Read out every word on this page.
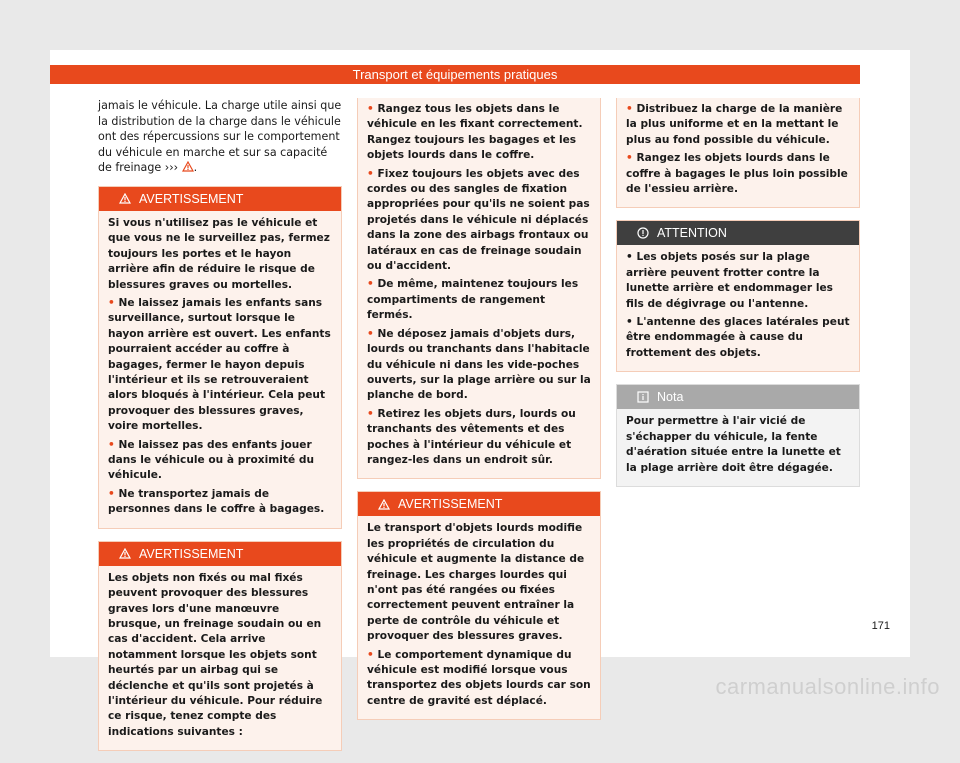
Transport et équipements pratiques

jamais le véhicule. La charge utile ainsi que la distribution de la charge dans le véhicule ont des répercussions sur le comportement du véhicule en marche et sur sa capacité de freinage ››› .

AVERTISSEMENT

Si vous n'utilisez pas le véhicule et que vous ne le surveillez pas, fermez toujours les portes et le hayon arrière afin de réduire le risque de blessures graves ou mortelles.

• Ne laissez jamais les enfants sans surveillance, surtout lorsque le hayon arrière est ouvert. Les enfants pourraient accéder au coffre à bagages, fermer le hayon depuis l'intérieur et ils se retrouveraient alors bloqués à l'intérieur. Cela peut provoquer des blessures graves, voire mortelles.

• Ne laissez pas des enfants jouer dans le véhicule ou à proximité du véhicule.

• Ne transportez jamais de personnes dans le coffre à bagages.

AVERTISSEMENT

Les objets non fixés ou mal fixés peuvent provoquer des blessures graves lors d'une manœuvre brusque, un freinage soudain ou en cas d'accident. Cela arrive notamment lorsque les objets sont heurtés par un airbag qui se déclenche et qu'ils sont projetés à l'intérieur du véhicule. Pour réduire ce risque, tenez compte des indications suivantes :

• Rangez tous les objets dans le véhicule en les fixant correctement. Rangez toujours les bagages et les objets lourds dans le coffre.

• Fixez toujours les objets avec des cordes ou des sangles de fixation appropriées pour qu'ils ne soient pas projetés dans le véhicule ni déplacés dans la zone des airbags frontaux ou latéraux en cas de freinage soudain ou d'accident.

• De même, maintenez toujours les compartiments de rangement fermés.

• Ne déposez jamais d'objets durs, lourds ou tranchants dans l'habitacle du véhicule ni dans les vide-poches ouverts, sur la plage arrière ou sur la planche de bord.

• Retirez les objets durs, lourds ou tranchants des vêtements et des poches à l'intérieur du véhicule et rangez-les dans un endroit sûr.

AVERTISSEMENT

Le transport d'objets lourds modifie les propriétés de circulation du véhicule et augmente la distance de freinage. Les charges lourdes qui n'ont pas été rangées ou fixées correctement peuvent entraîner la perte de contrôle du véhicule et provoquer des blessures graves.

• Le comportement dynamique du véhicule est modifié lorsque vous transportez des objets lourds car son centre de gravité est déplacé.

• Distribuez la charge de la manière la plus uniforme et en la mettant le plus au fond possible du véhicule.

• Rangez les objets lourds dans le coffre à bagages le plus loin possible de l'essieu arrière.

ATTENTION

• Les objets posés sur la plage arrière peuvent frotter contre la lunette arrière et endommager les fils de dégivrage ou l'antenne.

• L'antenne des glaces latérales peut être endommagée à cause du frottement des objets.

Nota

Pour permettre à l'air vicié de s'échapper du véhicule, la fente d'aération située entre la lunette et la plage arrière doit être dégagée.

171
carmanualsonline.info
